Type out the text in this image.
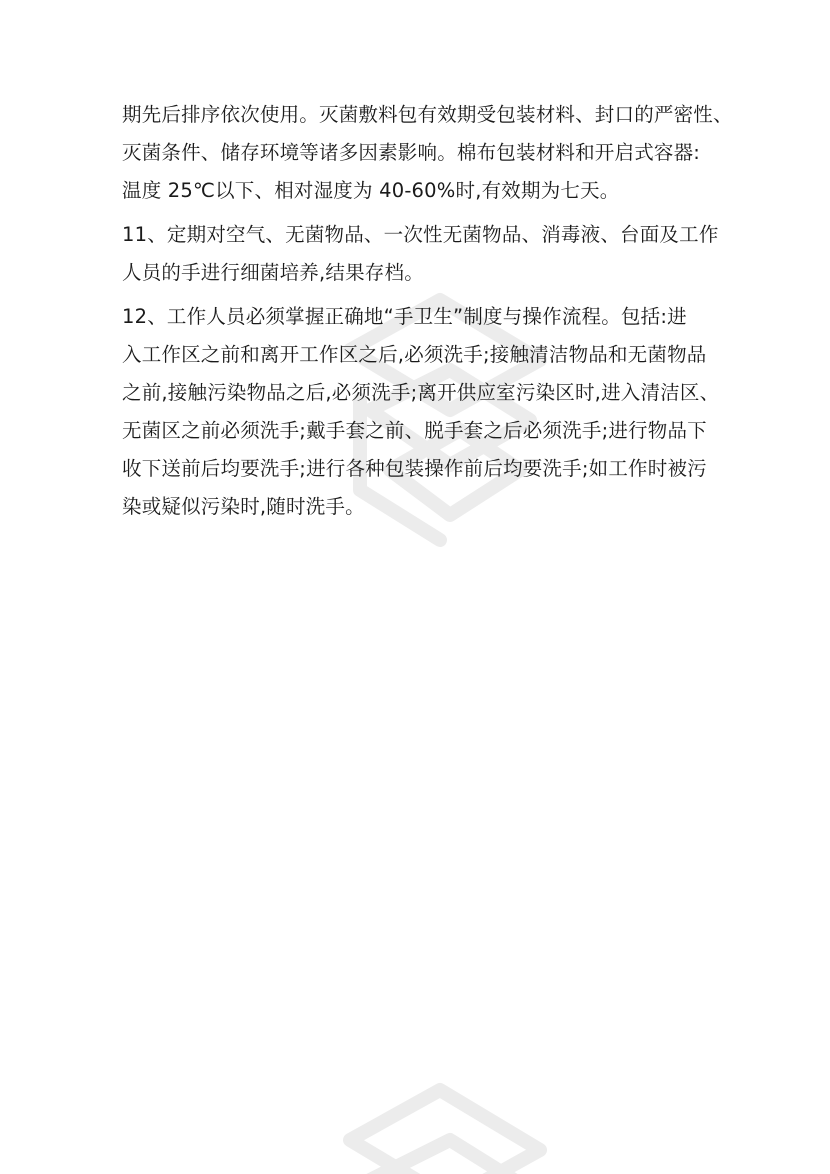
期先后排序依次使用。灭菌敷料包有效期受包装材料、封口的严密性、
灭菌条件、储存环境等诸多因素影响。棉布包装材料和开启式容器:
温度 25℃以下、相对湿度为 40-60%时,有效期为七天。
11、定期对空气、无菌物品、一次性无菌物品、消毒液、台面及工作
人员的手进行细菌培养,结果存档。
12、工作人员必须掌握正确地“手卫生”制度与操作流程。包括:进
入工作区之前和离开工作区之后,必须洗手;接触清洁物品和无菌物品
之前,接触污染物品之后,必须洗手;离开供应室污染区时,进入清洁区、
无菌区之前必须洗手;戴手套之前、脱手套之后必须洗手;进行物品下
收下送前后均要洗手;进行各种包装操作前后均要洗手;如工作时被污
染或疑似污染时,随时洗手。
